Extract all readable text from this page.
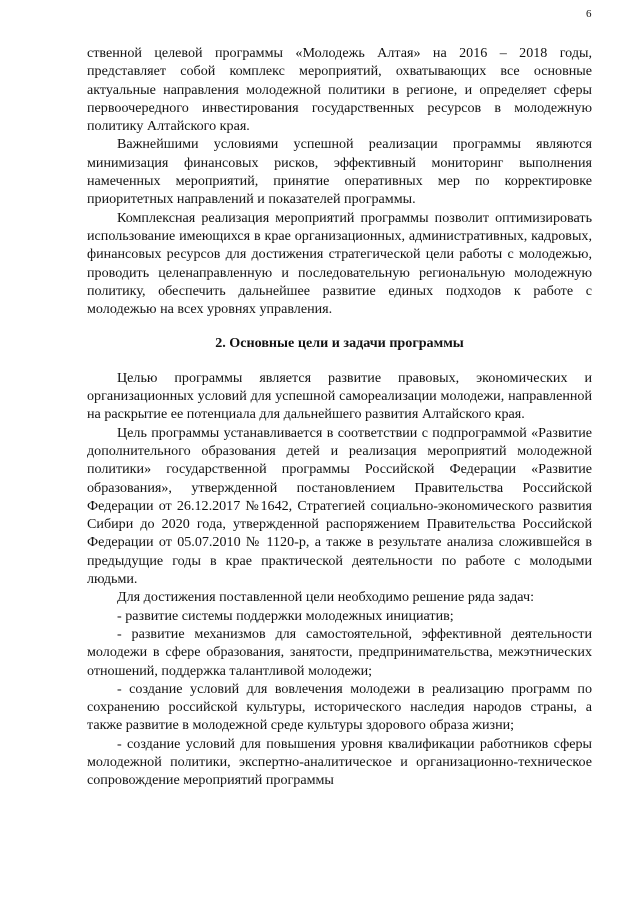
6

ственной целевой программы «Молодежь Алтая» на 2016 – 2018 годы, представляет собой комплекс мероприятий, охватывающих все основные актуальные направления молодежной политики в регионе, и определяет сферы первоочередного инвестирования государственных ресурсов в молодежную политику Алтайского края.

Важнейшими условиями успешной реализации программы являются минимизация финансовых рисков, эффективный мониторинг выполнения намеченных мероприятий, принятие оперативных мер по корректировке приоритетных направлений и показателей программы.

Комплексная реализация мероприятий программы позволит оптимизировать использование имеющихся в крае организационных, административных, кадровых, финансовых ресурсов для достижения стратегической цели работы с молодежью, проводить целенаправленную и последовательную региональную молодежную политику, обеспечить дальнейшее развитие единых подходов к работе с молодежью на всех уровнях управления.

2. Основные цели и задачи программы

Целью программы является развитие правовых, экономических и организационных условий для успешной самореализации молодежи, направленной на раскрытие ее потенциала для дальнейшего развития Алтайского края.

Цель программы устанавливается в соответствии с подпрограммой «Развитие дополнительного образования детей и реализация мероприятий молодежной политики» государственной программы Российской Федерации «Развитие образования», утвержденной постановлением Правительства Российской Федерации от 26.12.2017 №1642, Стратегией социально-экономического развития Сибири до 2020 года, утвержденной распоряжением Правительства Российской Федерации от 05.07.2010 № 1120-р, а также в результате анализа сложившейся в предыдущие годы в крае практической деятельности по работе с молодыми людьми.

Для достижения поставленной цели необходимо решение ряда задач:

- развитие системы поддержки молодежных инициатив;

- развитие механизмов для самостоятельной, эффективной деятельности молодежи в сфере образования, занятости, предпринимательства, межэтнических отношений, поддержка талантливой молодежи;

- создание условий для вовлечения молодежи в реализацию программ по сохранению российской культуры, исторического наследия народов страны, а также развитие в молодежной среде культуры здорового образа жизни;

- создание условий для повышения уровня квалификации работников сферы молодежной политики, экспертно-аналитическое и организационно-техническое сопровождение мероприятий программы
